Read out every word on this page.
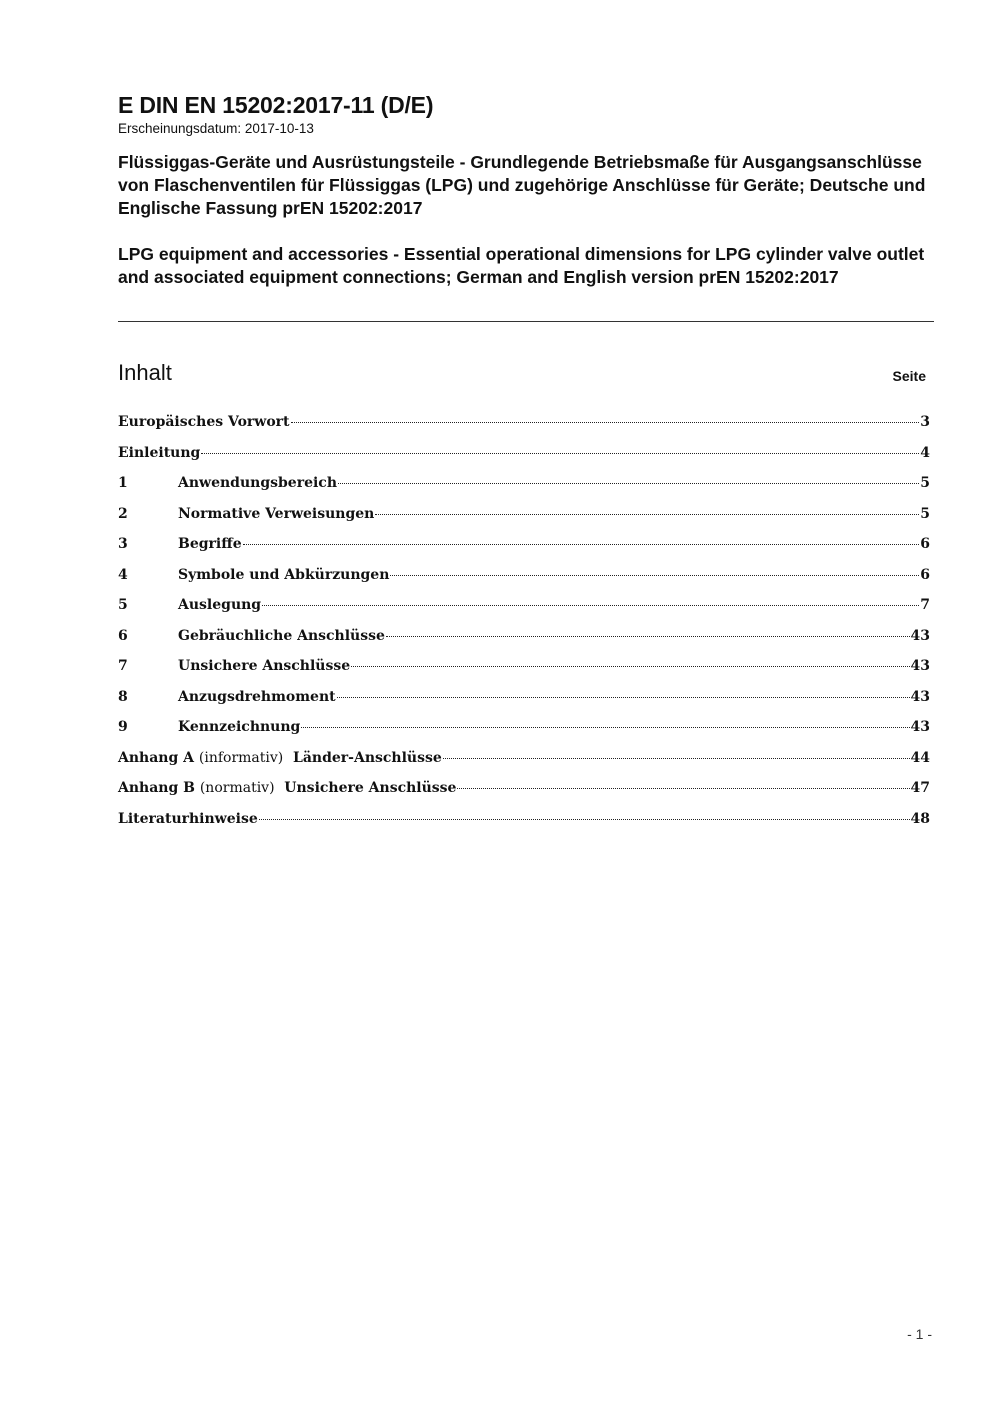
E DIN EN 15202:2017-11 (D/E)
Erscheinungsdatum: 2017-10-13
Flüssiggas-Geräte und Ausrüstungsteile - Grundlegende Betriebsmaße für Ausgangsanschlüsse von Flaschenventilen für Flüssiggas (LPG) und zugehörige Anschlüsse für Geräte; Deutsche und Englische Fassung prEN 15202:2017
LPG equipment and accessories - Essential operational dimensions for LPG cylinder valve outlet and associated equipment connections; German and English version prEN 15202:2017
Inhalt	Seite
Europäisches Vorwort	3
Einleitung	4
1	Anwendungsbereich	5
2	Normative Verweisungen	5
3	Begriffe	6
4	Symbole und Abkürzungen	6
5	Auslegung	7
6	Gebräuchliche Anschlüsse	43
7	Unsichere Anschlüsse	43
8	Anzugsdrehmoment	43
9	Kennzeichnung	43
Anhang A (informativ)  Länder-Anschlüsse	44
Anhang B (normativ)  Unsichere Anschlüsse	47
Literaturhinweise	48
- 1 -
